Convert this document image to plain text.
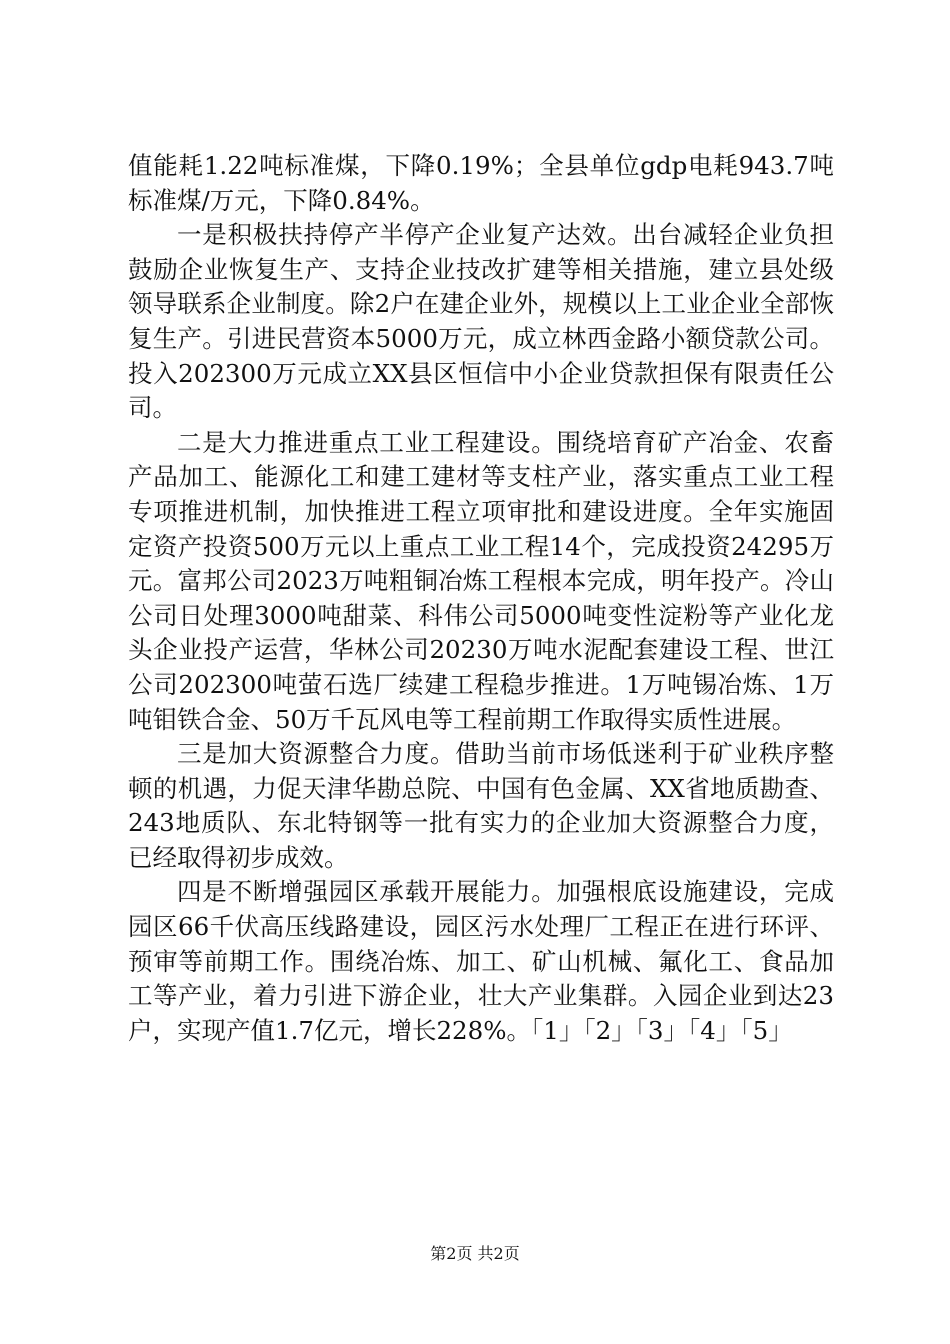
值能耗1.22吨标准煤，下降0.19%；全县单位gdp电耗943.7吨标准煤/万元，下降0.84%。

一是积极扶持停产半停产企业复产达效。出台减轻企业负担鼓励企业恢复生产、支持企业技改扩建等相关措施，建立县处级领导联系企业制度。除2户在建企业外，规模以上工业企业全部恢复生产。引进民营资本5000万元，成立林西金路小额贷款公司。投入202300万元成立XX县区恒信中小企业贷款担保有限责任公司。

二是大力推进重点工业工程建设。围绕培育矿产冶金、农畜产品加工、能源化工和建工建材等支柱产业，落实重点工业工程专项推进机制，加快推进工程立项审批和建设进度。全年实施固定资产投资500万元以上重点工业工程14个，完成投资24295万元。富邦公司2023万吨粗铜冶炼工程根本完成，明年投产。冷山公司日处理3000吨甜菜、科伟公司5000吨变性淀粉等产业化龙头企业投产运营，华林公司20230万吨水泥配套建设工程、世江公司202300吨萤石选厂续建工程稳步推进。1万吨锡冶炼、1万吨钼铁合金、50万千瓦风电等工程前期工作取得实质性进展。

三是加大资源整合力度。借助当前市场低迷利于矿业秩序整顿的机遇，力促天津华勘总院、中国有色金属、XX省地质勘查、243地质队、东北特钢等一批有实力的企业加大资源整合力度，已经取得初步成效。

四是不断增强园区承载开展能力。加强根底设施建设，完成园区66千伏高压线路建设，园区污水处理厂工程正在进行环评、预审等前期工作。围绕冶炼、加工、矿山机械、氟化工、食品加工等产业，着力引进下游企业，壮大产业集群。入园企业到达23户，实现产值1.7亿元，增长228%。「1」「2」「3」「4」「5」

第2页 共2页
